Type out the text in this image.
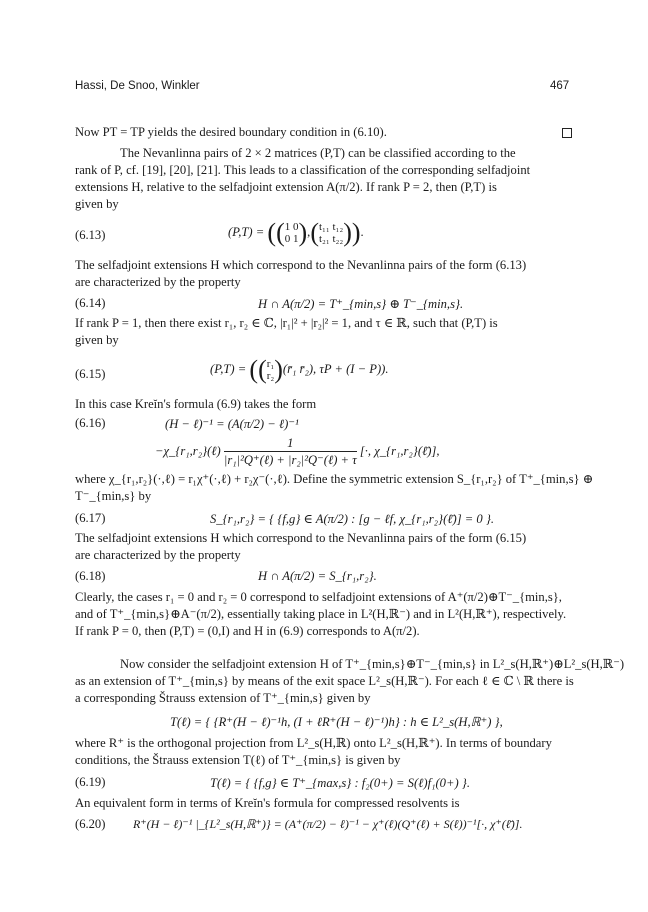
Hassi, De Snoo, Winkler	467
Now PT = TP yields the desired boundary condition in (6.10).
The Nevanlinna pairs of 2 × 2 matrices (P,T) can be classified according to the
rank of P, cf. [19], [20], [21]. This leads to a classification of the corresponding selfadjoint
extensions H, relative to the selfadjoint extension A(π/2). If rank P = 2, then (P,T) is
given by
(6.13)	(P,T) = ((1 0
0 1),(t₁₁ t₁₂
t₂₁ t₂₂)).
The selfadjoint extensions H which correspond to the Nevanlinna pairs of the form (6.13)
are characterized by the property
(6.14)	H ∩ A(π/2) = T⁺_{min,s} ⊕ T⁻_{min,s}.
If rank P = 1, then there exist r₁, r₂ ∈ ℂ, |r₁|² + |r₂|² = 1, and τ ∈ ℝ, such that (P,T) is
given by
(6.15)	(P,T) = ((r₁
r₂)(r̄₁ r̄₂), τP + (I − P)).
In this case Kreĭn's formula (6.9) takes the form
(6.16)	(H − ℓ)⁻¹ = (A(π/2) − ℓ)⁻¹
−χ_{r₁,r₂}(ℓ) $\frac{1}{\text{|r₁|²Q⁺(ℓ) + |r₂|²Q⁻(ℓ) + τ}}$ [·, χ_{r₁,r₂}(ℓ̄)],
where χ_{r₁,r₂}(·,ℓ) = r₁χ⁺(·,ℓ) + r₂χ⁻(·,ℓ). Define the symmetric extension S_{r₁,r₂} of T⁺_{min,s} ⊕
T⁻_{min,s} by
(6.17)	S_{r₁,r₂} = { {f,g} ∈ A(π/2) : [g − ℓf, χ_{r₁,r₂}(ℓ̄)] = 0 }.
The selfadjoint extensions H which correspond to the Nevanlinna pairs of the form (6.15)
are characterized by the property
(6.18)	H ∩ A(π/2) = S_{r₁,r₂}.
Clearly, the cases r₁ = 0 and r₂ = 0 correspond to selfadjoint extensions of A⁺(π/2)⊕T⁻_{min,s},
and of T⁺_{min,s}⊕A⁻(π/2), essentially taking place in L²(H,ℝ⁻) and in L²(H,ℝ⁺), respectively.
If rank P = 0, then (P,T) = (0,I) and H in (6.9) corresponds to A(π/2).
Now consider the selfadjoint extension H of T⁺_{min,s}⊕T⁻_{min,s} in L²_s(H,ℝ⁺)⊕L²_s(H,ℝ⁻)
as an extension of T⁺_{min,s} by means of the exit space L²_s(H,ℝ⁻). For each ℓ ∈ ℂ \ ℝ there is
a corresponding Štrauss extension of T⁺_{min,s} given by
T(ℓ) = { {R⁺(H − ℓ)⁻¹h, (I + ℓR⁺(H − ℓ)⁻¹)h} : h ∈ L²_s(H,ℝ⁺) },
where R⁺ is the orthogonal projection from L²_s(H,ℝ) onto L²_s(H,ℝ⁺). In terms of boundary
conditions, the Štrauss extension T(ℓ) of T⁺_{min,s} is given by
(6.19)	T(ℓ) = { {f,g} ∈ T⁺_{max,s} : f₂(0+) = S(ℓ)f₁(0+) }.
An equivalent form in terms of Kreĭn's formula for compressed resolvents is
(6.20) R⁺(H − ℓ)⁻¹ |_{L²_s(H,ℝ⁺)} = (A⁺(π/2) − ℓ)⁻¹ − χ⁺(ℓ)(Q⁺(ℓ) + S(ℓ))⁻¹[·, χ⁺(ℓ̄)].
